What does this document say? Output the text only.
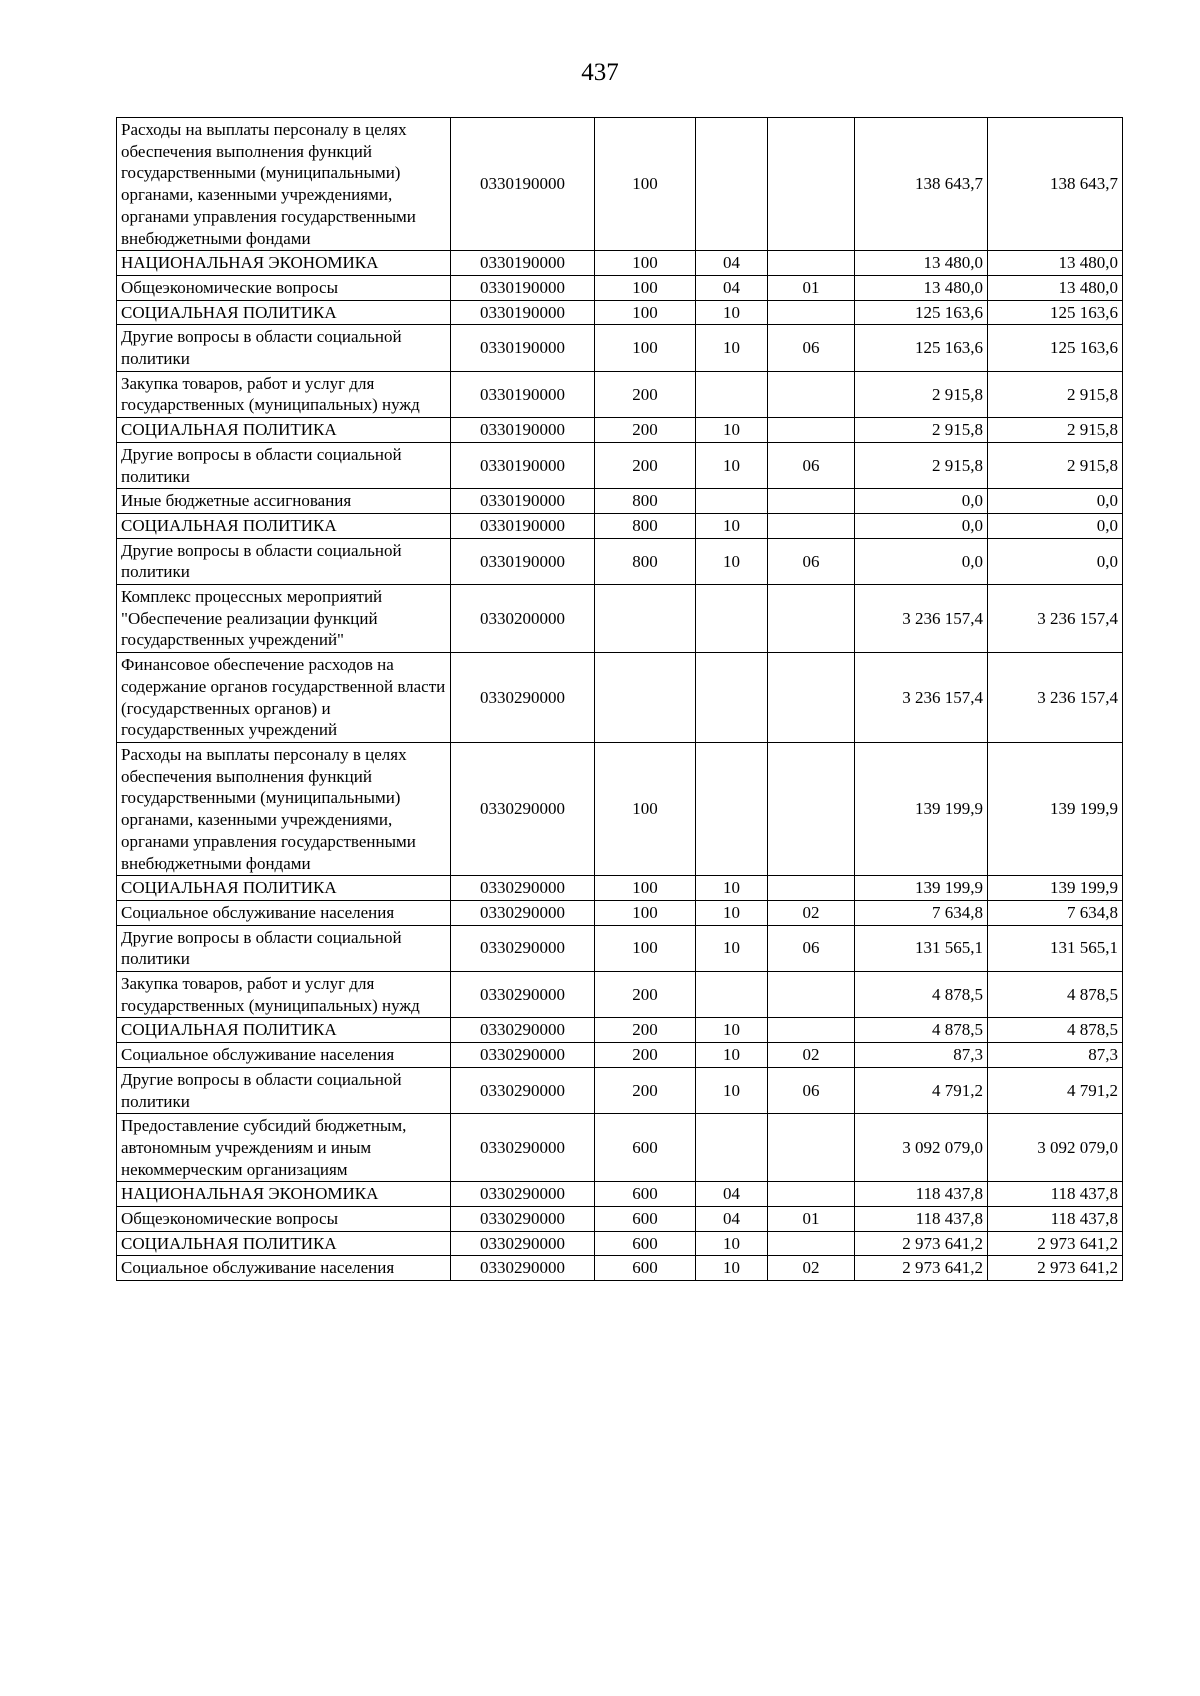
437
Расходы на выплаты персоналу в целях обеспечения выполнения функций государственными (муниципальными) органами, казенными учреждениями, органами управления государственными внебюджетными фондами	0330190000	100			138 643,7	138 643,7
НАЦИОНАЛЬНАЯ ЭКОНОМИКА	0330190000	100	04		13 480,0	13 480,0
Общеэкономические вопросы	0330190000	100	04	01	13 480,0	13 480,0
СОЦИАЛЬНАЯ ПОЛИТИКА	0330190000	100	10		125 163,6	125 163,6
Другие вопросы в области социальной политики	0330190000	100	10	06	125 163,6	125 163,6
Закупка товаров, работ и услуг для государственных (муниципальных) нужд	0330190000	200			2 915,8	2 915,8
СОЦИАЛЬНАЯ ПОЛИТИКА	0330190000	200	10		2 915,8	2 915,8
Другие вопросы в области социальной политики	0330190000	200	10	06	2 915,8	2 915,8
Иные бюджетные ассигнования	0330190000	800			0,0	0,0
СОЦИАЛЬНАЯ ПОЛИТИКА	0330190000	800	10		0,0	0,0
Другие вопросы в области социальной политики	0330190000	800	10	06	0,0	0,0
Комплекс процессных мероприятий "Обеспечение реализации функций государственных учреждений"	0330200000				3 236 157,4	3 236 157,4
Финансовое обеспечение расходов на содержание органов государственной власти (государственных органов) и государственных учреждений	0330290000				3 236 157,4	3 236 157,4
Расходы на выплаты персоналу в целях обеспечения выполнения функций государственными (муниципальными) органами, казенными учреждениями, органами управления государственными внебюджетными фондами	0330290000	100			139 199,9	139 199,9
СОЦИАЛЬНАЯ ПОЛИТИКА	0330290000	100	10		139 199,9	139 199,9
Социальное обслуживание населения	0330290000	100	10	02	7 634,8	7 634,8
Другие вопросы в области социальной политики	0330290000	100	10	06	131 565,1	131 565,1
Закупка товаров, работ и услуг для государственных (муниципальных) нужд	0330290000	200			4 878,5	4 878,5
СОЦИАЛЬНАЯ ПОЛИТИКА	0330290000	200	10		4 878,5	4 878,5
Социальное обслуживание населения	0330290000	200	10	02	87,3	87,3
Другие вопросы в области социальной политики	0330290000	200	10	06	4 791,2	4 791,2
Предоставление субсидий бюджетным, автономным учреждениям и иным некоммерческим организациям	0330290000	600			3 092 079,0	3 092 079,0
НАЦИОНАЛЬНАЯ ЭКОНОМИКА	0330290000	600	04		118 437,8	118 437,8
Общеэкономические вопросы	0330290000	600	04	01	118 437,8	118 437,8
СОЦИАЛЬНАЯ ПОЛИТИКА	0330290000	600	10		2 973 641,2	2 973 641,2
Социальное обслуживание населения	0330290000	600	10	02	2 973 641,2	2 973 641,2
